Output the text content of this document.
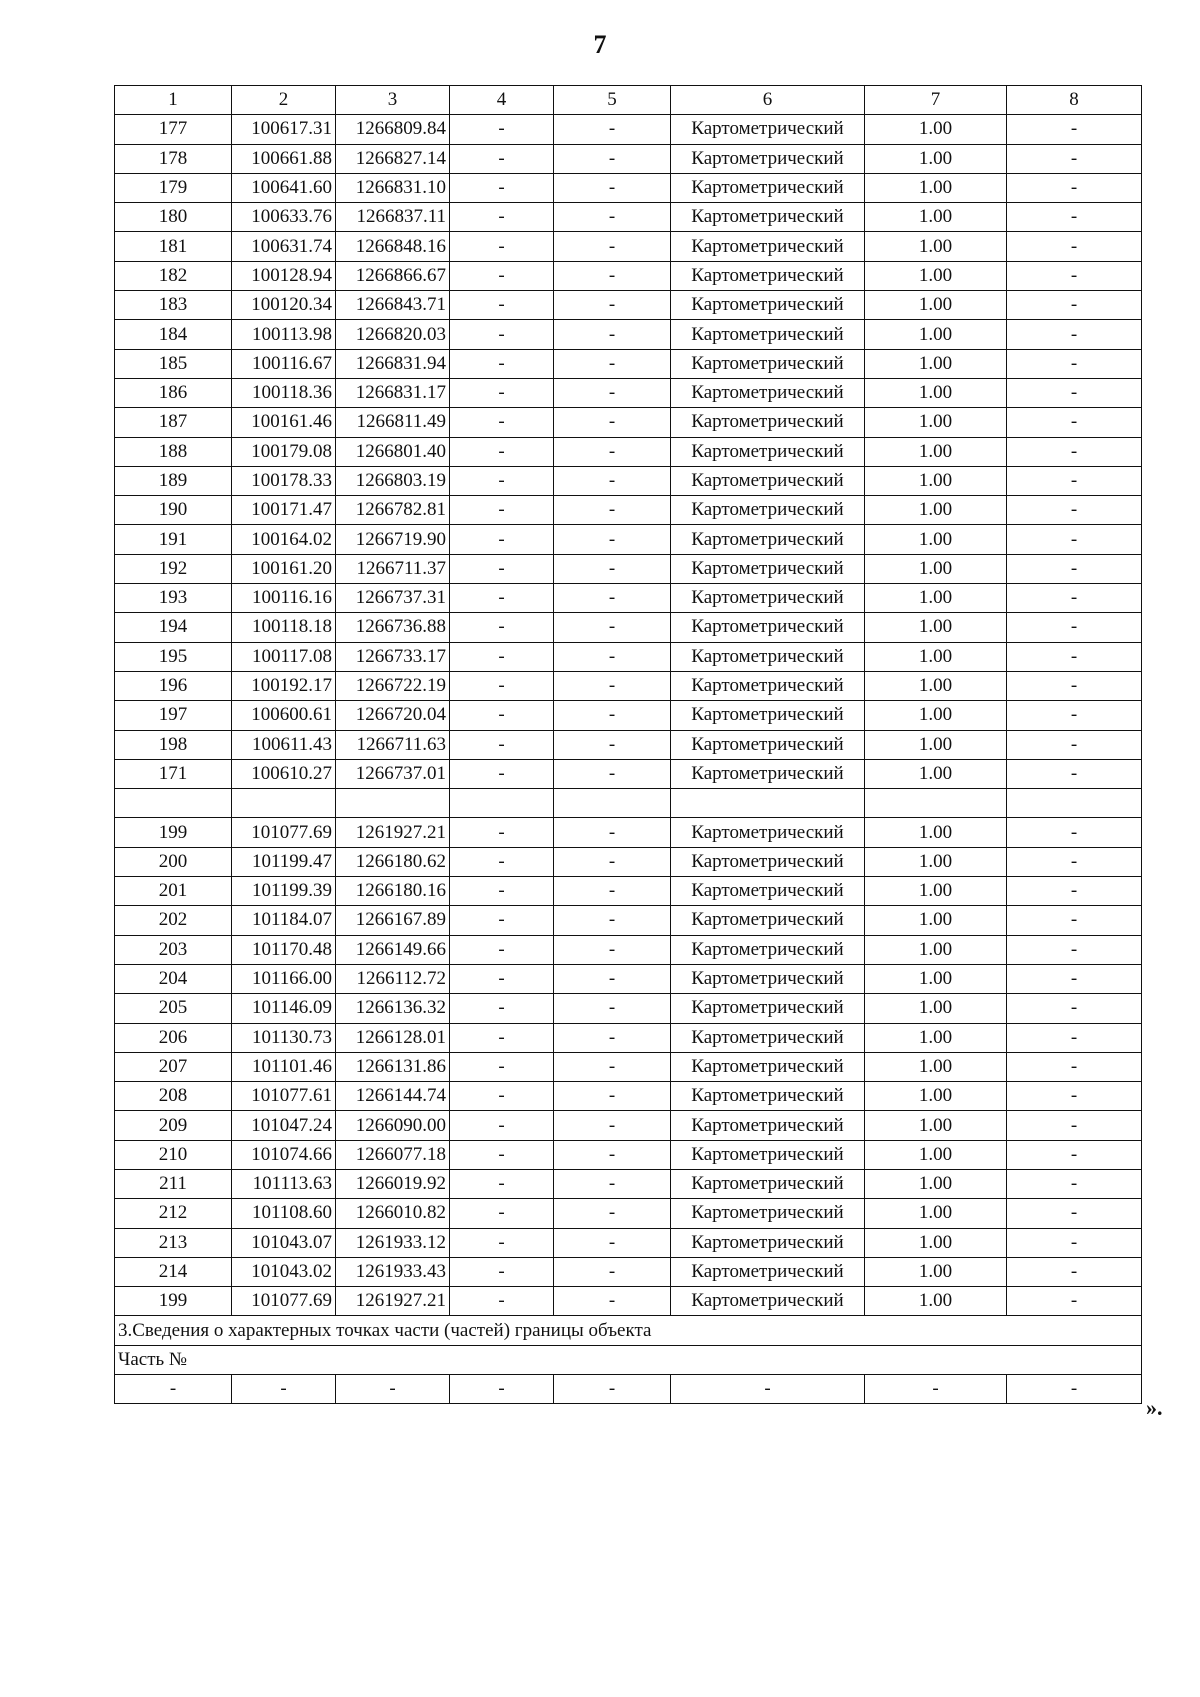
7
1	2	3	4	5	6	7	8
177	100617.31	1266809.84	-	-	Картометрический	1.00	-
178	100661.88	1266827.14	-	-	Картометрический	1.00	-
179	100641.60	1266831.10	-	-	Картометрический	1.00	-
180	100633.76	1266837.11	-	-	Картометрический	1.00	-
181	100631.74	1266848.16	-	-	Картометрический	1.00	-
182	100128.94	1266866.67	-	-	Картометрический	1.00	-
183	100120.34	1266843.71	-	-	Картометрический	1.00	-
184	100113.98	1266820.03	-	-	Картометрический	1.00	-
185	100116.67	1266831.94	-	-	Картометрический	1.00	-
186	100118.36	1266831.17	-	-	Картометрический	1.00	-
187	100161.46	1266811.49	-	-	Картометрический	1.00	-
188	100179.08	1266801.40	-	-	Картометрический	1.00	-
189	100178.33	1266803.19	-	-	Картометрический	1.00	-
190	100171.47	1266782.81	-	-	Картометрический	1.00	-
191	100164.02	1266719.90	-	-	Картометрический	1.00	-
192	100161.20	1266711.37	-	-	Картометрический	1.00	-
193	100116.16	1266737.31	-	-	Картометрический	1.00	-
194	100118.18	1266736.88	-	-	Картометрический	1.00	-
195	100117.08	1266733.17	-	-	Картометрический	1.00	-
196	100192.17	1266722.19	-	-	Картометрический	1.00	-
197	100600.61	1266720.04	-	-	Картометрический	1.00	-
198	100611.43	1266711.63	-	-	Картометрический	1.00	-
171	100610.27	1266737.01	-	-	Картометрический	1.00	-

199	101077.69	1261927.21	-	-	Картометрический	1.00	-
200	101199.47	1266180.62	-	-	Картометрический	1.00	-
201	101199.39	1266180.16	-	-	Картометрический	1.00	-
202	101184.07	1266167.89	-	-	Картометрический	1.00	-
203	101170.48	1266149.66	-	-	Картометрический	1.00	-
204	101166.00	1266112.72	-	-	Картометрический	1.00	-
205	101146.09	1266136.32	-	-	Картометрический	1.00	-
206	101130.73	1266128.01	-	-	Картометрический	1.00	-
207	101101.46	1266131.86	-	-	Картометрический	1.00	-
208	101077.61	1266144.74	-	-	Картометрический	1.00	-
209	101047.24	1266090.00	-	-	Картометрический	1.00	-
210	101074.66	1266077.18	-	-	Картометрический	1.00	-
211	101113.63	1266019.92	-	-	Картометрический	1.00	-
212	101108.60	1266010.82	-	-	Картометрический	1.00	-
213	101043.07	1261933.12	-	-	Картометрический	1.00	-
214	101043.02	1261933.43	-	-	Картометрический	1.00	-
199	101077.69	1261927.21	-	-	Картометрический	1.00	-
3.Сведения о характерных точках части (частей) границы объекта							
Часть №							
-	-	-	-	-	-	-	-
».
